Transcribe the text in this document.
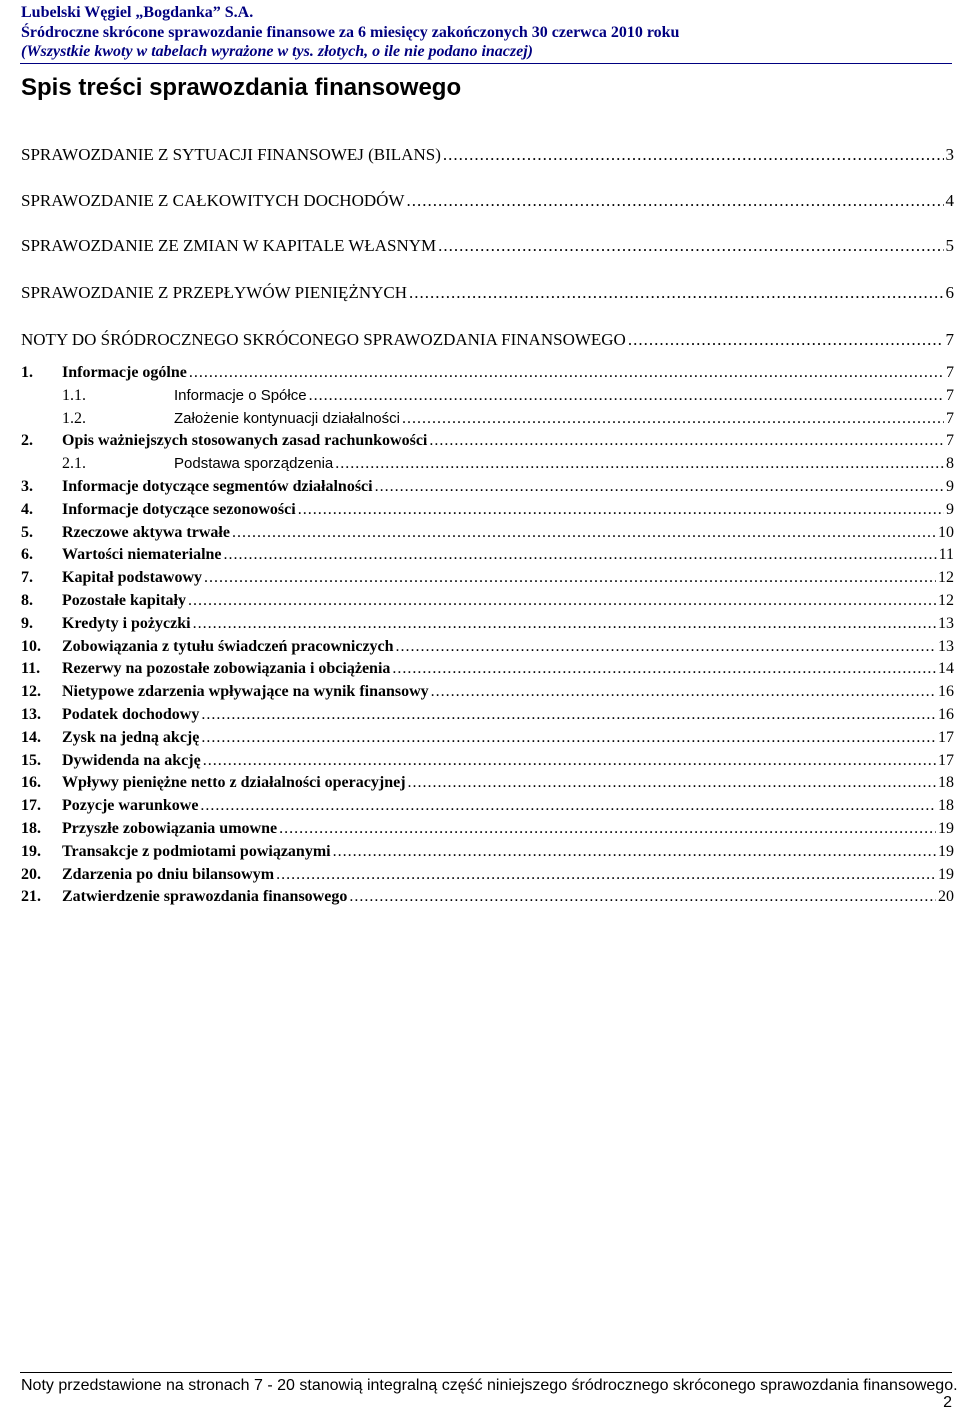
Lubelski Węgiel „Bogdanka” S.A.
Śródroczne skrócone sprawozdanie finansowe za 6 miesięcy zakończonych 30 czerwca 2010 roku
(Wszystkie kwoty w tabelach wyrażone w tys. złotych, o ile nie podano inaczej)
Spis treści sprawozdania finansowego
SPRAWOZDANIE Z SYTUACJI FINANSOWEJ (BILANS) .....	3
SPRAWOZDANIE Z CAŁKOWITYCH DOCHODÓW .....	4
SPRAWOZDANIE ZE ZMIAN W KAPITALE WŁASNYM .....	5
SPRAWOZDANIE Z PRZEPŁYWÓW PIENIĘŻNYCH .....	6
NOTY DO ŚRÓDROCZNEGO SKRÓCONEGO SPRAWOZDANIA FINANSOWEGO .....	7
1.	Informacje ogólne .....	7
1.1.	Informacje o Spółce .....	7
1.2.	Założenie kontynuacji działalności .....	7
2.	Opis ważniejszych stosowanych zasad rachunkowości .....	7
2.1.	Podstawa sporządzenia .....	8
3.	Informacje dotyczące segmentów działalności .....	9
4.	Informacje dotyczące sezonowości .....	9
5.	Rzeczowe aktywa trwałe .....	10
6.	Wartości niematerialne .....	11
7.	Kapitał podstawowy .....	12
8.	Pozostałe kapitały .....	12
9.	Kredyty i pożyczki .....	13
10.	Zobowiązania z tytułu świadczeń pracowniczych .....	13
11.	Rezerwy na pozostałe zobowiązania i obciążenia .....	14
12.	Nietypowe zdarzenia wpływające na wynik finansowy .....	16
13.	Podatek dochodowy .....	16
14.	Zysk na jedną akcję .....	17
15.	Dywidenda na akcję .....	17
16.	Wpływy pieniężne netto z działalności operacyjnej .....	18
17.	Pozycje warunkowe .....	18
18.	Przyszłe zobowiązania umowne .....	19
19.	Transakcje z podmiotami powiązanymi .....	19
20.	Zdarzenia po dniu bilansowym .....	19
21.	Zatwierdzenie sprawozdania finansowego .....	20
Noty przedstawione na stronach 7 - 20 stanowią integralną część niniejszego śródrocznego skróconego sprawozdania finansowego.
2
